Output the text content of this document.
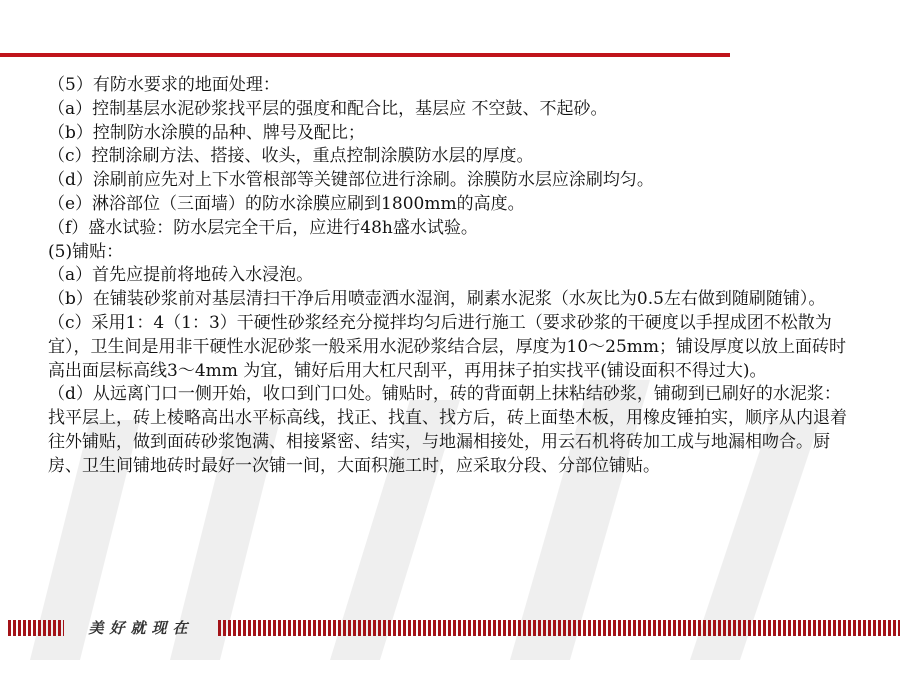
（5）有防水要求的地面处理：

（a）控制基层水泥砂浆找平层的强度和配合比，基层应 不空鼓、不起砂。

（b）控制防水涂膜的品种、牌号及配比；

（c）控制涂刷方法、搭接、收头，重点控制涂膜防水层的厚度。

（d）涂刷前应先对上下水管根部等关键部位进行涂刷。涂膜防水层应涂刷均匀。

（e）淋浴部位（三面墙）的防水涂膜应刷到1800mm的高度。

（f）盛水试验：防水层完全干后，应进行48h盛水试验。

(5)铺贴：

（a）首先应提前将地砖入水浸泡。

（b）在铺装砂浆前对基层清扫干净后用喷壶洒水湿润，刷素水泥浆（水灰比为0.5左右做到随刷随铺）。

（c）采用1：4（1：3）干硬性砂浆经充分搅拌均匀后进行施工（要求砂浆的干硬度以手捏成团不松散为宜），卫生间是用非干硬性水泥砂浆一般采用水泥砂浆结合层，厚度为10～25mm；铺设厚度以放上面砖时高出面层标高线3～4mm 为宜，铺好后用大杠尺刮平，再用抹子拍实找平(铺设面积不得过大)。

（d）从远离门口一侧开始，收口到门口处。铺贴时，砖的背面朝上抹粘结砂浆，铺砌到已刷好的水泥浆：找平层上，砖上棱略高出水平标高线，找正、找直、找方后，砖上面垫木板，用橡皮锤拍实，顺序从内退着往外铺贴，做到面砖砂浆饱满、相接紧密、结实，与地漏相接处，用云石机将砖加工成与地漏相吻合。厨房、卫生间铺地砖时最好一次铺一间，大面积施工时，应采取分段、分部位铺贴。

美好就现在
